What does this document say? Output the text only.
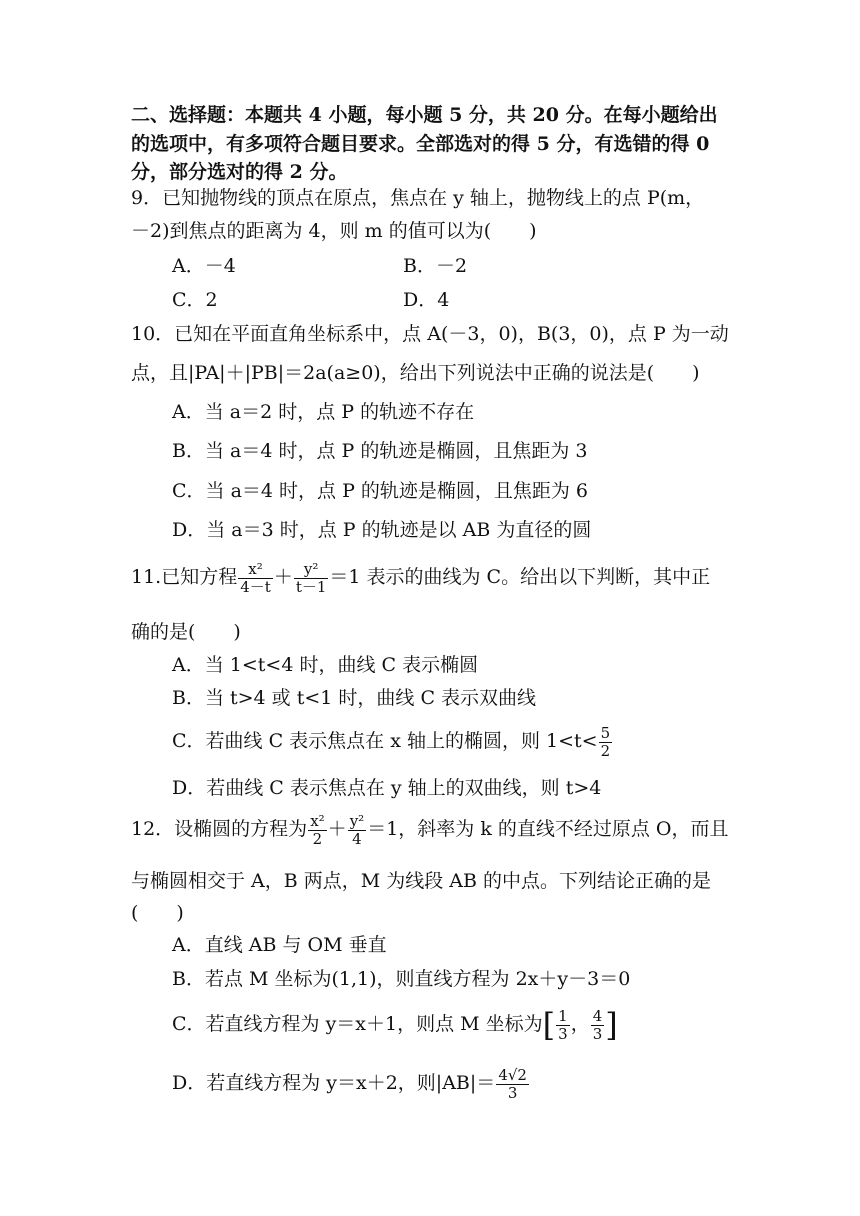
二、选择题：本题共 4 小题，每小题 5 分，共 20 分。在每小题给出
的选项中，有多项符合题目要求。全部选对的得 5 分，有选错的得 0
分，部分选对的得 2 分。
9．已知抛物线的顶点在原点，焦点在 y 轴上，抛物线上的点 P(m，
－2)到焦点的距离为 4，则 m 的值可以为(　　)
A．－4	B．－2
C．2	D．4
10．已知在平面直角坐标系中，点 A(－3，0)，B(3，0)，点 P 为一动
点，且|PA|＋|PB|＝2a(a≥0)，给出下列说法中正确的说法是(　　)
A．当 a＝2 时，点 P 的轨迹不存在
B．当 a＝4 时，点 P 的轨迹是椭圆，且焦距为 3
C．当 a＝4 时，点 P 的轨迹是椭圆，且焦距为 6
D．当 a＝3 时，点 P 的轨迹是以 AB 为直径的圆
11.已知方程 $\frac{\text{x²}}{4-t} + \frac{\text{y²}}{t-1} =1$ 表示的曲线为 C。给出以下判断，其中正
确的是(　　)
A．当 1<t<4 时，曲线 C 表示椭圆
B．当 t>4 或 t<1 时，曲线 C 表示双曲线
C．若曲线 C 表示焦点在 x 轴上的椭圆，则 $1<t< \frac{5}{2}$
D．若曲线 C 表示焦点在 y 轴上的双曲线，则 t>4
12．设椭圆的方程为 $\frac{\text{x²}}{2} + \frac{\text{y²}}{4} =1$，斜率为 k 的直线不经过原点 O，而且
与椭圆相交于 A，B 两点，M 为线段 AB 的中点。下列结论正确的是
(　　)
A．直线 AB 与 OM 垂直
B．若点 M 坐标为(1,1)，则直线方程为 2x＋y－3＝0
C．若直线方程为 y＝x＋1，则点 M 坐标为[ $\frac{1}{3}$ ， $\frac{4}{3}$ ]
D．若直线方程为 y＝x＋2，则$|AB|= \frac{4√2}{3}$
